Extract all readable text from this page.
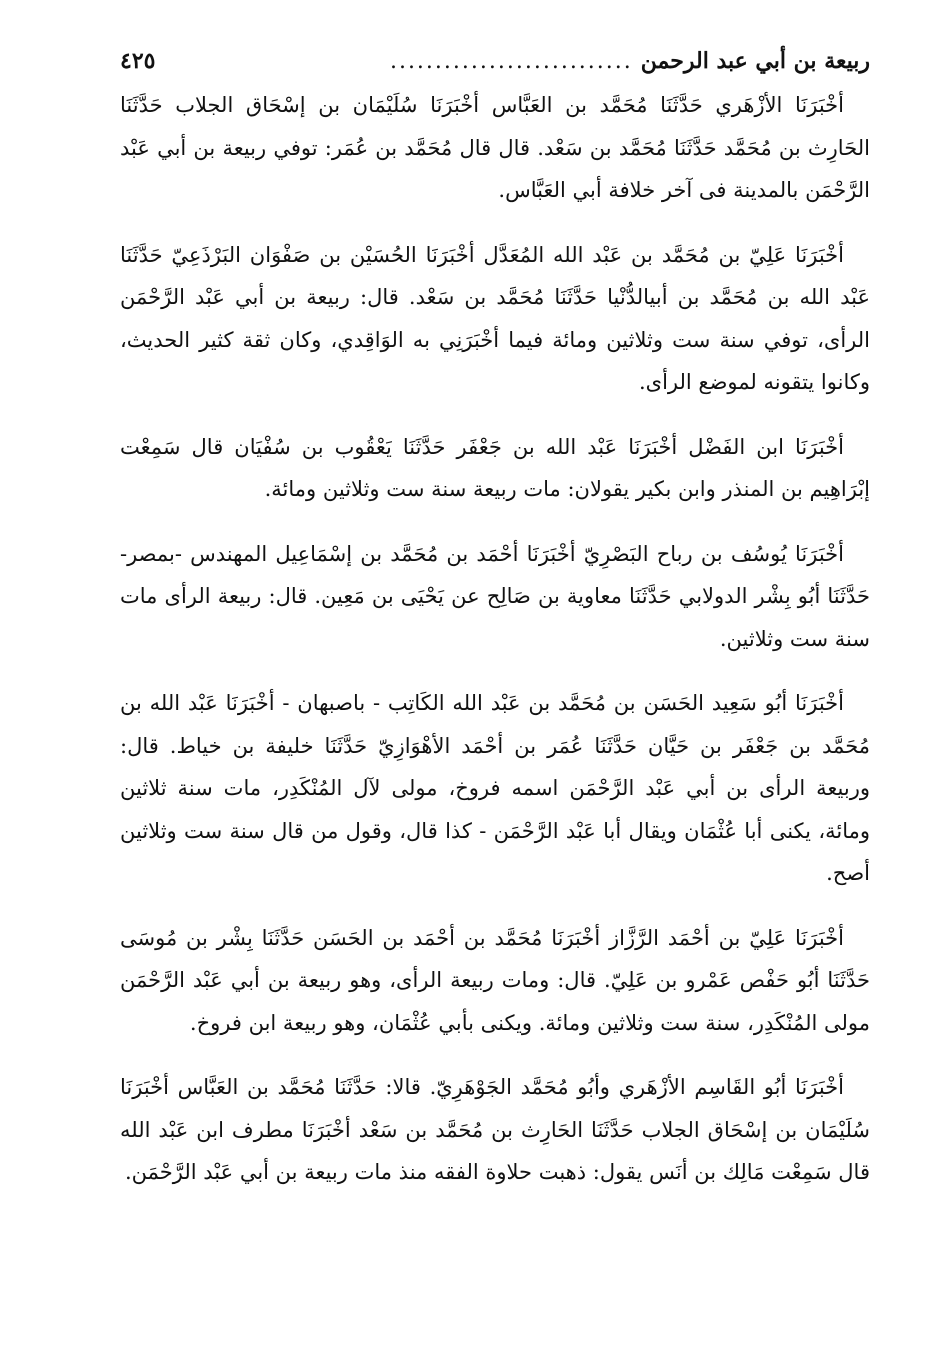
ربيعة بن أبي عبد الرحمن
...........................
٤٢٥

أخْبَرَنَا الأزْهَري حَدَّثَنَا مُحَمَّد بن العَبَّاس أخْبَرَنَا سُلَيْمَان بن إسْحَاق الجلاب حَدَّثَنَا الحَارِث بن مُحَمَّد حَدَّثَنَا مُحَمَّد بن سَعْد. قال قال مُحَمَّد بن عُمَر: توفي ربيعة بن أبي عَبْد الرَّحْمَن بالمدينة فى آخر خلافة أبي العَبَّاس.

أخْبَرَنَا عَلِيّ بن مُحَمَّد بن عَبْد الله المُعَدَّل أخْبَرَنَا الحُسَيْن بن صَفْوَان البَرْذَعِيّ حَدَّثَنَا عَبْد الله بن مُحَمَّد بن أبيالدُّنْيا حَدَّثَنَا مُحَمَّد بن سَعْد. قال: ربيعة بن أبي عَبْد الرَّحْمَن الرأى، توفي سنة ست وثلاثين ومائة فيما أخْبَرَنِي به الوَاقِدي، وكان ثقة كثير الحديث، وكانوا يتقونه لموضع الرأى.

أخْبَرَنَا ابن الفَضْل أخْبَرَنَا عَبْد الله بن جَعْفَر حَدَّثَنَا يَعْقُوب بن سُفْيَان قال سَمِعْت إبْرَاهِيم بن المنذر وابن بكير يقولان: مات ربيعة سنة ست وثلاثين ومائة.

أخْبَرَنَا يُوسُف بن رباح البَصْرِيّ أخْبَرَنَا أحْمَد بن مُحَمَّد بن إسْمَاعِيل المهندس -بمصر- حَدَّثَنَا أبُو بِشْر الدولابي حَدَّثَنَا معاوية بن صَالِح عن يَحْيَى بن مَعِين. قال: ربيعة الرأى مات سنة ست وثلاثين.

أخْبَرَنَا أبُو سَعِيد الحَسَن بن مُحَمَّد بن عَبْد الله الكَاتِب - باصبهان - أخْبَرَنَا عَبْد الله بن مُحَمَّد بن جَعْفَر بن حَيَّان حَدَّثَنَا عُمَر بن أحْمَد الأهْوَازِيّ حَدَّثَنَا خليفة بن خياط. قال: وربيعة الرأى بن أبي عَبْد الرَّحْمَن اسمه فروخ، مولى لآل المُنْكَدِر، مات سنة ثلاثين ومائة، يكنى أبا عُثْمَان ويقال أبا عَبْد الرَّحْمَن - كذا قال، وقول من قال سنة ست وثلاثين أصح.

أخْبَرَنَا عَلِيّ بن أحْمَد الرَّزَّاز أخْبَرَنَا مُحَمَّد بن أحْمَد بن الحَسَن حَدَّثَنَا بِشْر بن مُوسَى حَدَّثَنَا أبُو حَفْص عَمْرو بن عَلِيّ. قال: ومات ربيعة الرأى، وهو ربيعة بن أبي عَبْد الرَّحْمَن مولى المُنْكَدِر، سنة ست وثلاثين ومائة. ويكنى بأبي عُثْمَان، وهو ربيعة ابن فروخ.

أخْبَرَنَا أبُو القَاسِم الأزْهَري وأبُو مُحَمَّد الجَوْهَرِيّ. قالا: حَدَّثَنَا مُحَمَّد بن العَبَّاس أخْبَرَنَا سُلَيْمَان بن إسْحَاق الجلاب حَدَّثَنَا الحَارِث بن مُحَمَّد بن سَعْد أخْبَرَنَا مطرف ابن عَبْد الله قال سَمِعْت مَالِك بن أنَس يقول: ذهبت حلاوة الفقه منذ مات ربيعة بن أبي عَبْد الرَّحْمَن.
